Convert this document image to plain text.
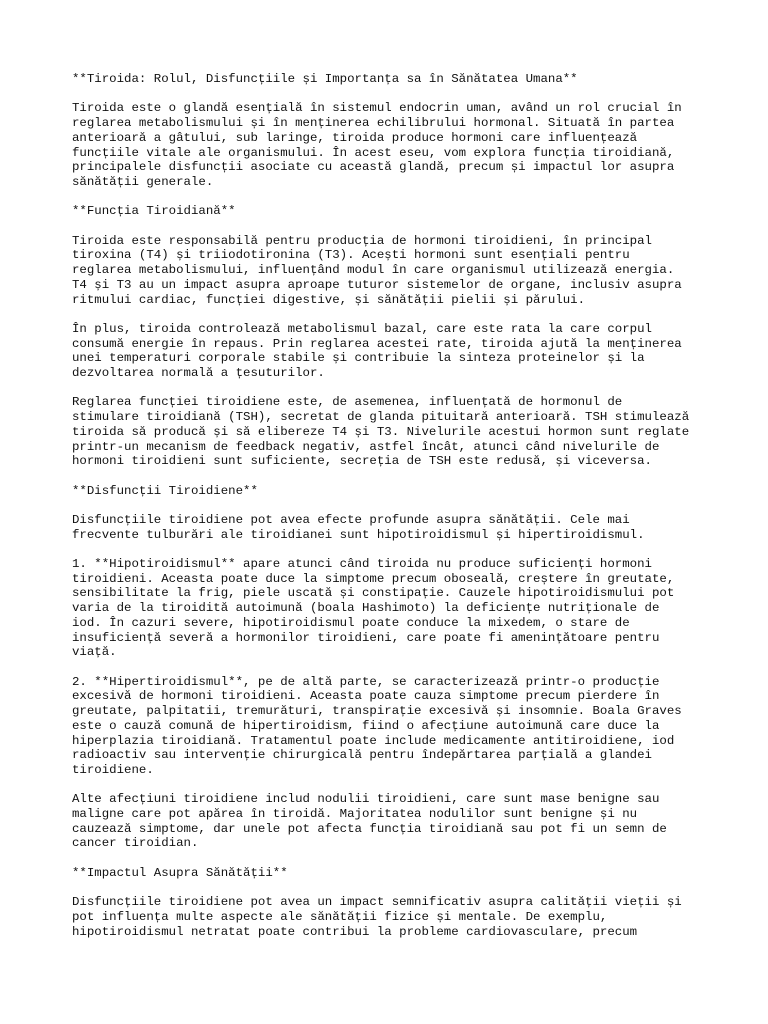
**Tiroida: Rolul, Disfuncțiile și Importanța sa în Sănătatea Umana**

Tiroida este o glandă esențială în sistemul endocrin uman, având un rol crucial în
reglarea metabolismului și în menținerea echilibrului hormonal. Situată în partea
anterioară a gâtului, sub laringe, tiroida produce hormoni care influențează
funcțiile vitale ale organismului. În acest eseu, vom explora funcția tiroidiană,
principalele disfuncții asociate cu această glandă, precum și impactul lor asupra
sănătății generale.

**Funcția Tiroidiană**

Tiroida este responsabilă pentru producția de hormoni tiroidieni, în principal
tiroxina (T4) și triiodotironina (T3). Acești hormoni sunt esențiali pentru
reglarea metabolismului, influențând modul în care organismul utilizează energia.
T4 și T3 au un impact asupra aproape tuturor sistemelor de organe, inclusiv asupra
ritmului cardiac, funcției digestive, și sănătății pielii și părului.

În plus, tiroida controlează metabolismul bazal, care este rata la care corpul
consumă energie în repaus. Prin reglarea acestei rate, tiroida ajută la menținerea
unei temperaturi corporale stabile și contribuie la sinteza proteinelor și la
dezvoltarea normală a țesuturilor.

Reglarea funcției tiroidiene este, de asemenea, influențată de hormonul de
stimulare tiroidiană (TSH), secretat de glanda pituitară anterioară. TSH stimulează
tiroida să producă și să elibereze T4 și T3. Nivelurile acestui hormon sunt reglate
printr-un mecanism de feedback negativ, astfel încât, atunci când nivelurile de
hormoni tiroidieni sunt suficiente, secreția de TSH este redusă, și viceversa.

**Disfuncții Tiroidiene**

Disfuncțiile tiroidiene pot avea efecte profunde asupra sănătății. Cele mai
frecvente tulburări ale tiroidianei sunt hipotiroidismul și hipertiroidismul.

1. **Hipotiroidismul** apare atunci când tiroida nu produce suficienți hormoni
tiroidieni. Aceasta poate duce la simptome precum oboseală, creștere în greutate,
sensibilitate la frig, piele uscată și constipație. Cauzele hipotiroidismului pot
varia de la tiroidită autoimună (boala Hashimoto) la deficiențe nutriționale de
iod. În cazuri severe, hipotiroidismul poate conduce la mixedem, o stare de
insuficiență severă a hormonilor tiroidieni, care poate fi amenințătoare pentru
viață.

2. **Hipertiroidismul**, pe de altă parte, se caracterizează printr-o producție
excesivă de hormoni tiroidieni. Aceasta poate cauza simptome precum pierdere în
greutate, palpitatii, tremurături, transpirație excesivă și insomnie. Boala Graves
este o cauză comună de hipertiroidism, fiind o afecțiune autoimună care duce la
hiperplazia tiroidiană. Tratamentul poate include medicamente antitiroidiene, iod
radioactiv sau intervenție chirurgicală pentru îndepărtarea parțială a glandei
tiroidiene.

Alte afecțiuni tiroidiene includ nodulii tiroidieni, care sunt mase benigne sau
maligne care pot apărea în tiroidă. Majoritatea nodulilor sunt benigne și nu
cauzează simptome, dar unele pot afecta funcția tiroidiană sau pot fi un semn de
cancer tiroidian.

**Impactul Asupra Sănătății**

Disfuncțiile tiroidiene pot avea un impact semnificativ asupra calității vieții și
pot influența multe aspecte ale sănătății fizice și mentale. De exemplu,
hipotiroidismul netratat poate contribui la probleme cardiovasculare, precum
